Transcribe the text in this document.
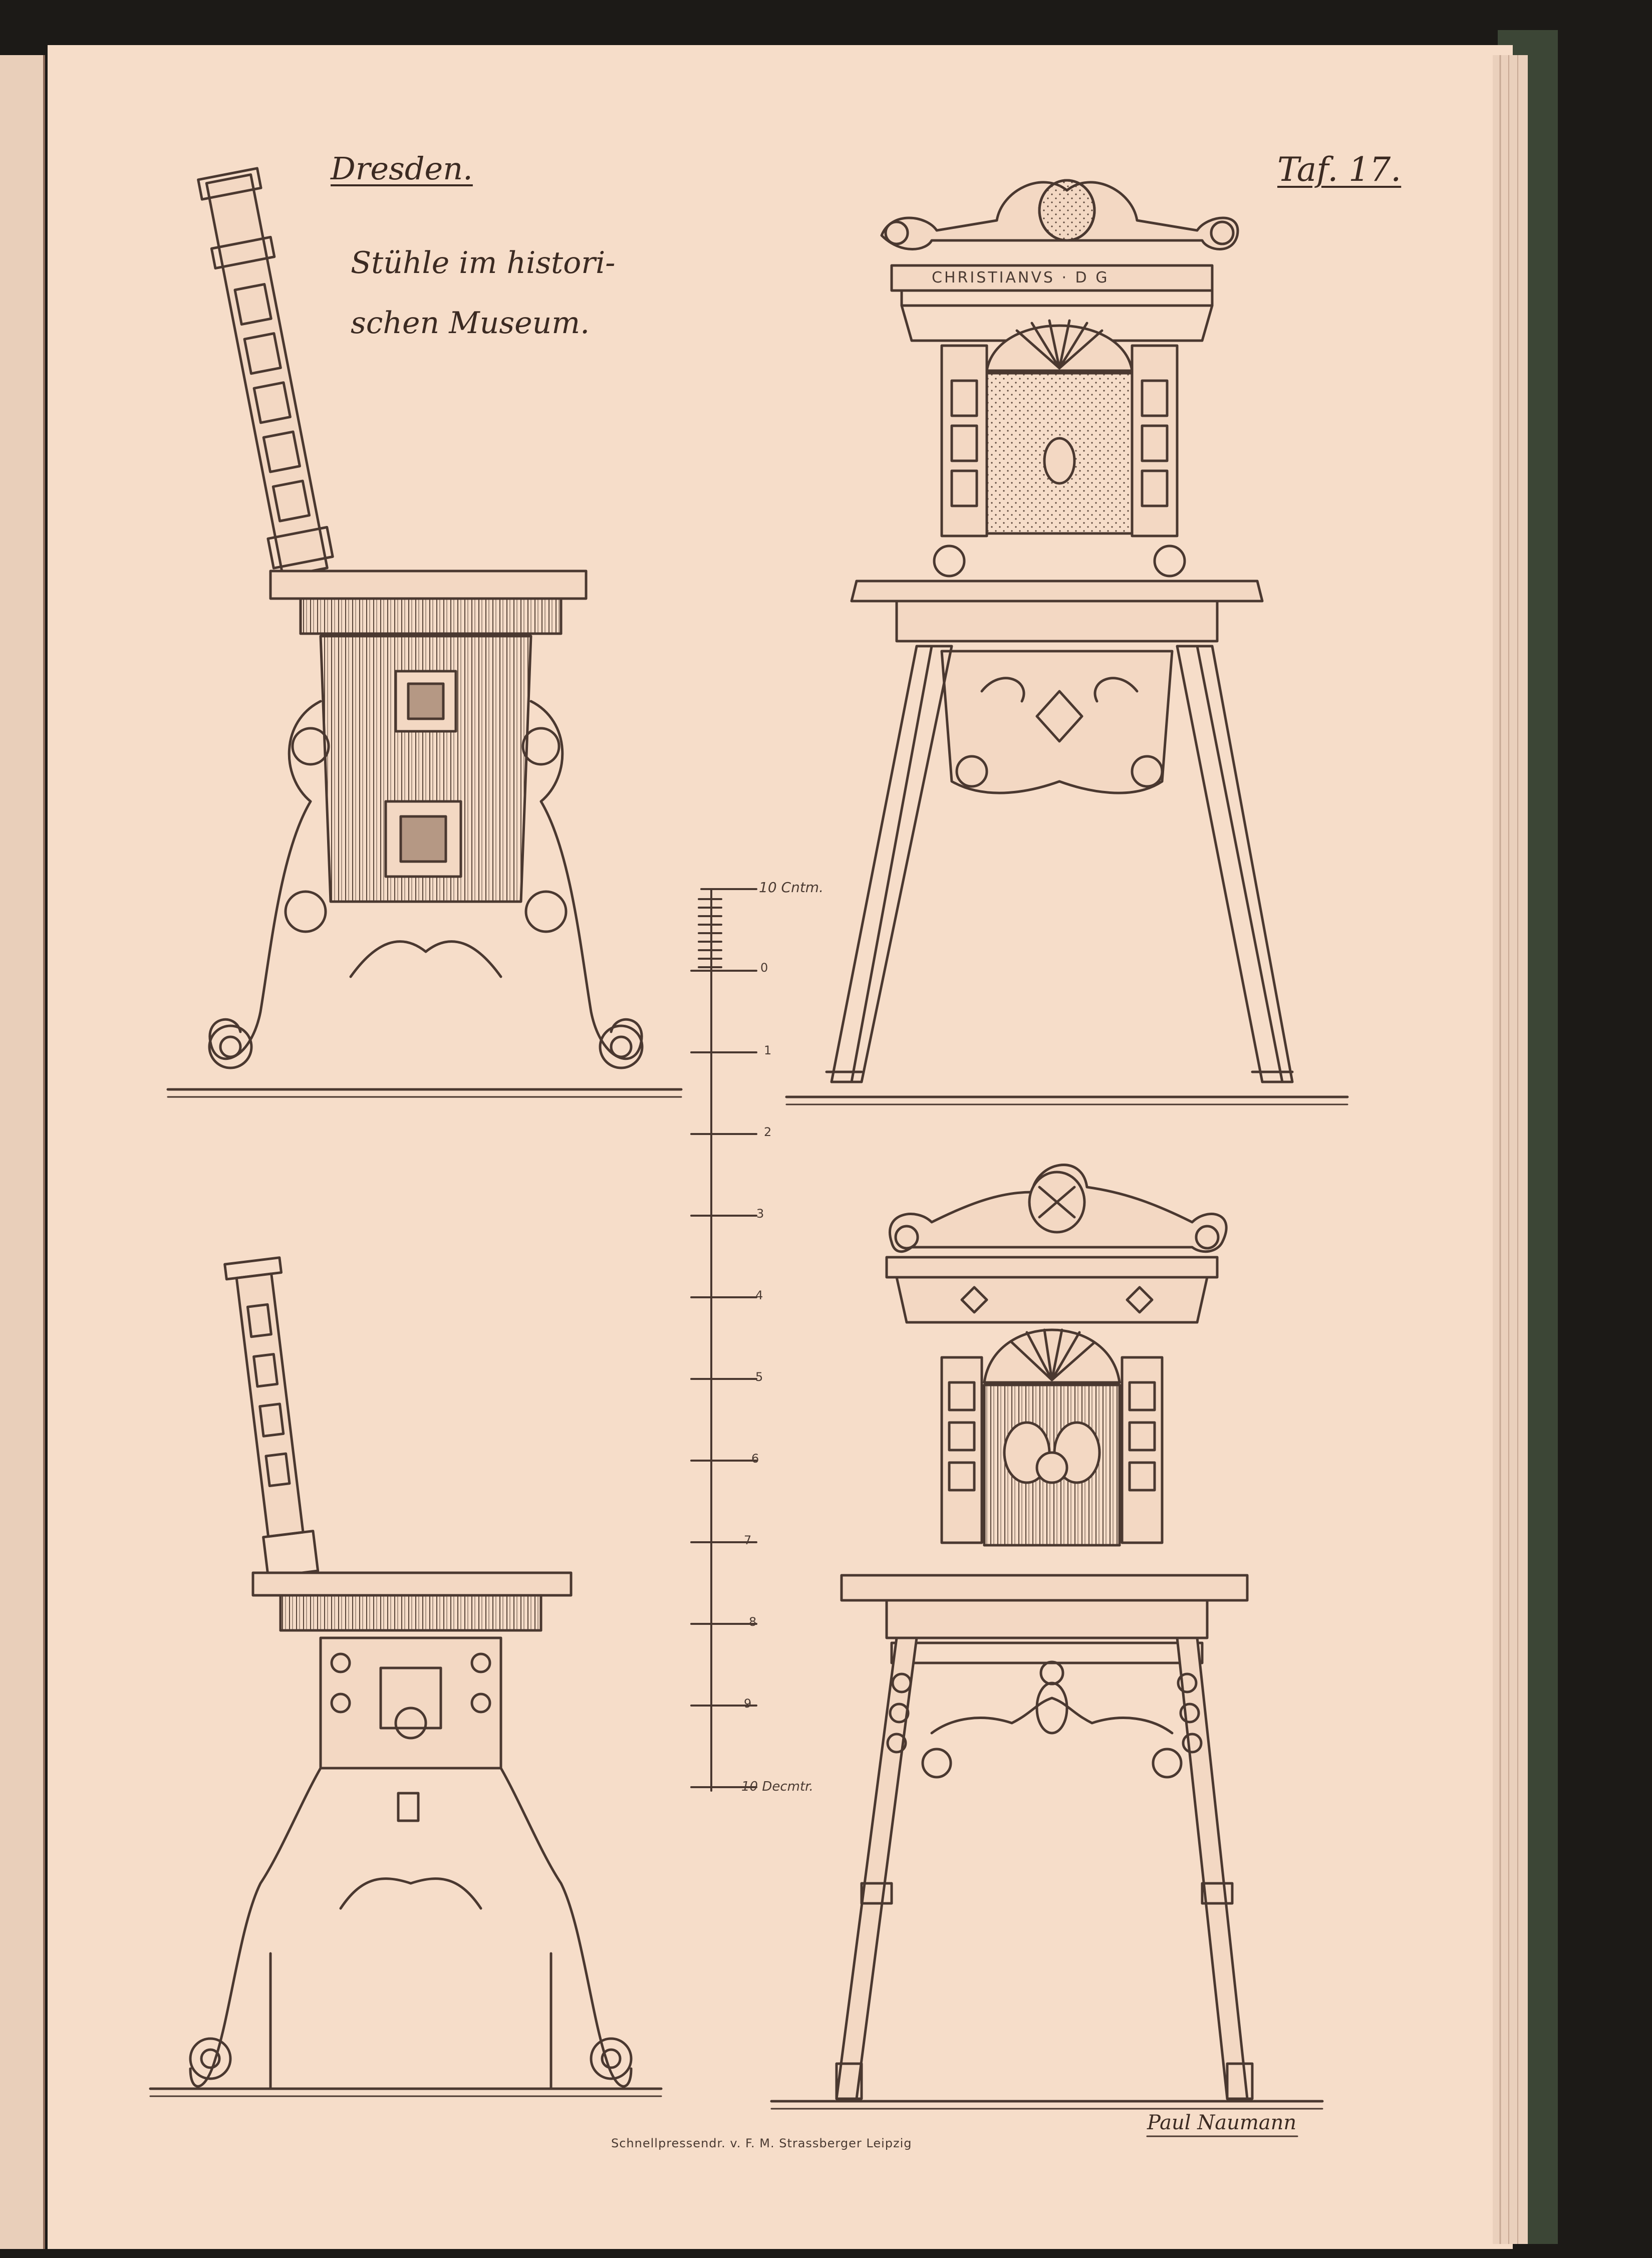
Dresden.
Stühle im histori-
schen Museum.
Taf. 17.
CHRISTIANVS · D G
10 Cntm.
0
1
2
3
4
5
6
7
8
9
10 Decmtr.
Schnellpressendr. v. F. M. Strassberger Leipzig
Paul Naumann
